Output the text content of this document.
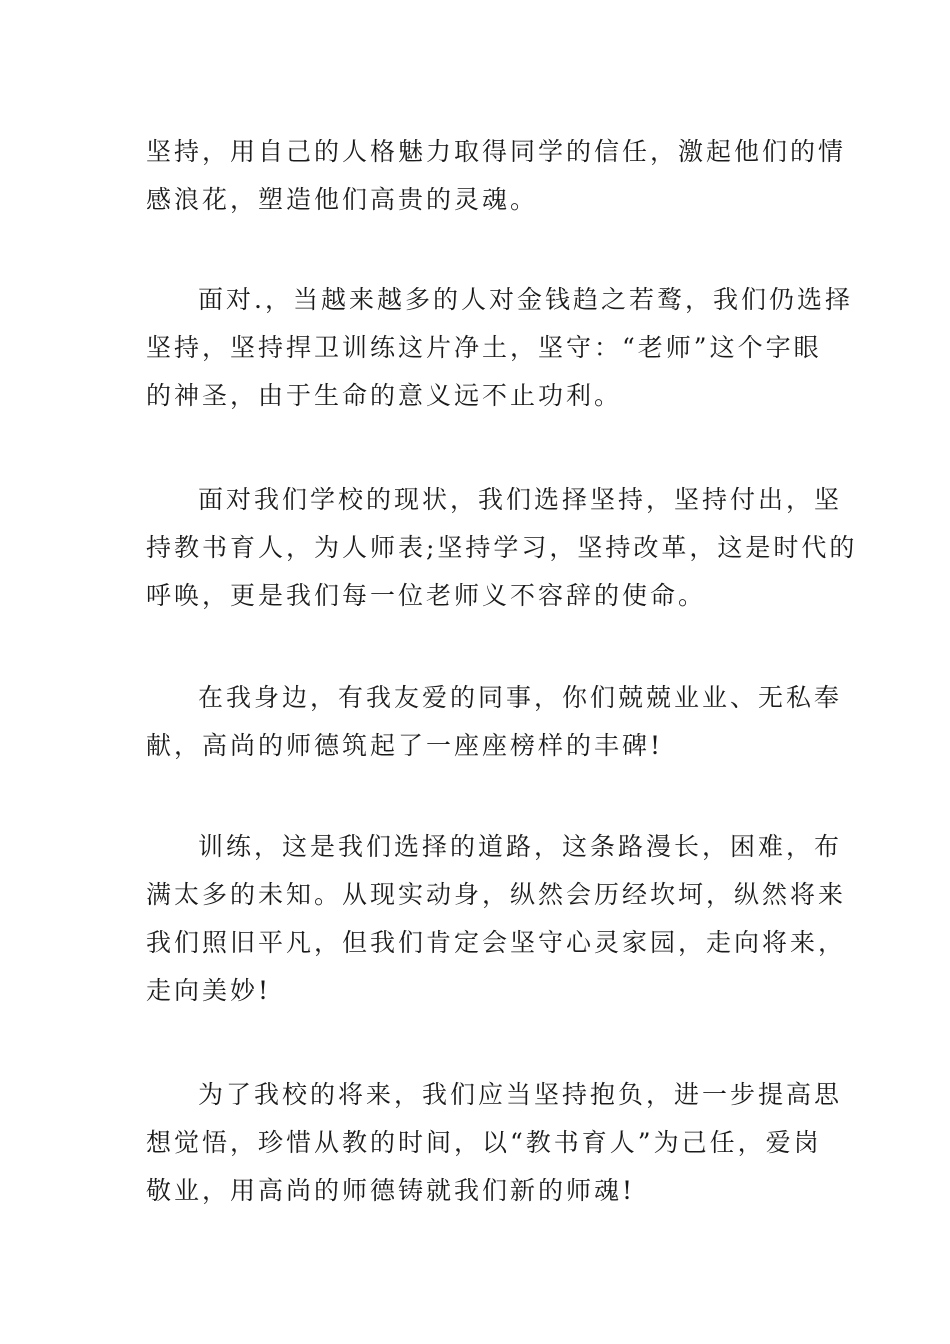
坚持，用自己的人格魅力取得同学的信任，激起他们的情
感浪花，塑造他们高贵的灵魂。
面对.，当越来越多的人对金钱趋之若鹜，我们仍选择
坚持，坚持捍卫训练这片净土，坚守：“老师”这个字眼
的神圣，由于生命的意义远不止功利。
面对我们学校的现状，我们选择坚持，坚持付出，坚
持教书育人，为人师表;坚持学习，坚持改革，这是时代的
呼唤，更是我们每一位老师义不容辞的使命。
在我身边，有我友爱的同事，你们兢兢业业、无私奉
献，高尚的师德筑起了一座座榜样的丰碑!
训练，这是我们选择的道路，这条路漫长，困难，布
满太多的未知。从现实动身，纵然会历经坎坷，纵然将来
我们照旧平凡，但我们肯定会坚守心灵家园，走向将来，
走向美妙!
为了我校的将来，我们应当坚持抱负，进一步提高思
想觉悟，珍惜从教的时间，以“教书育人”为己任，爱岗
敬业，用高尚的师德铸就我们新的师魂!
